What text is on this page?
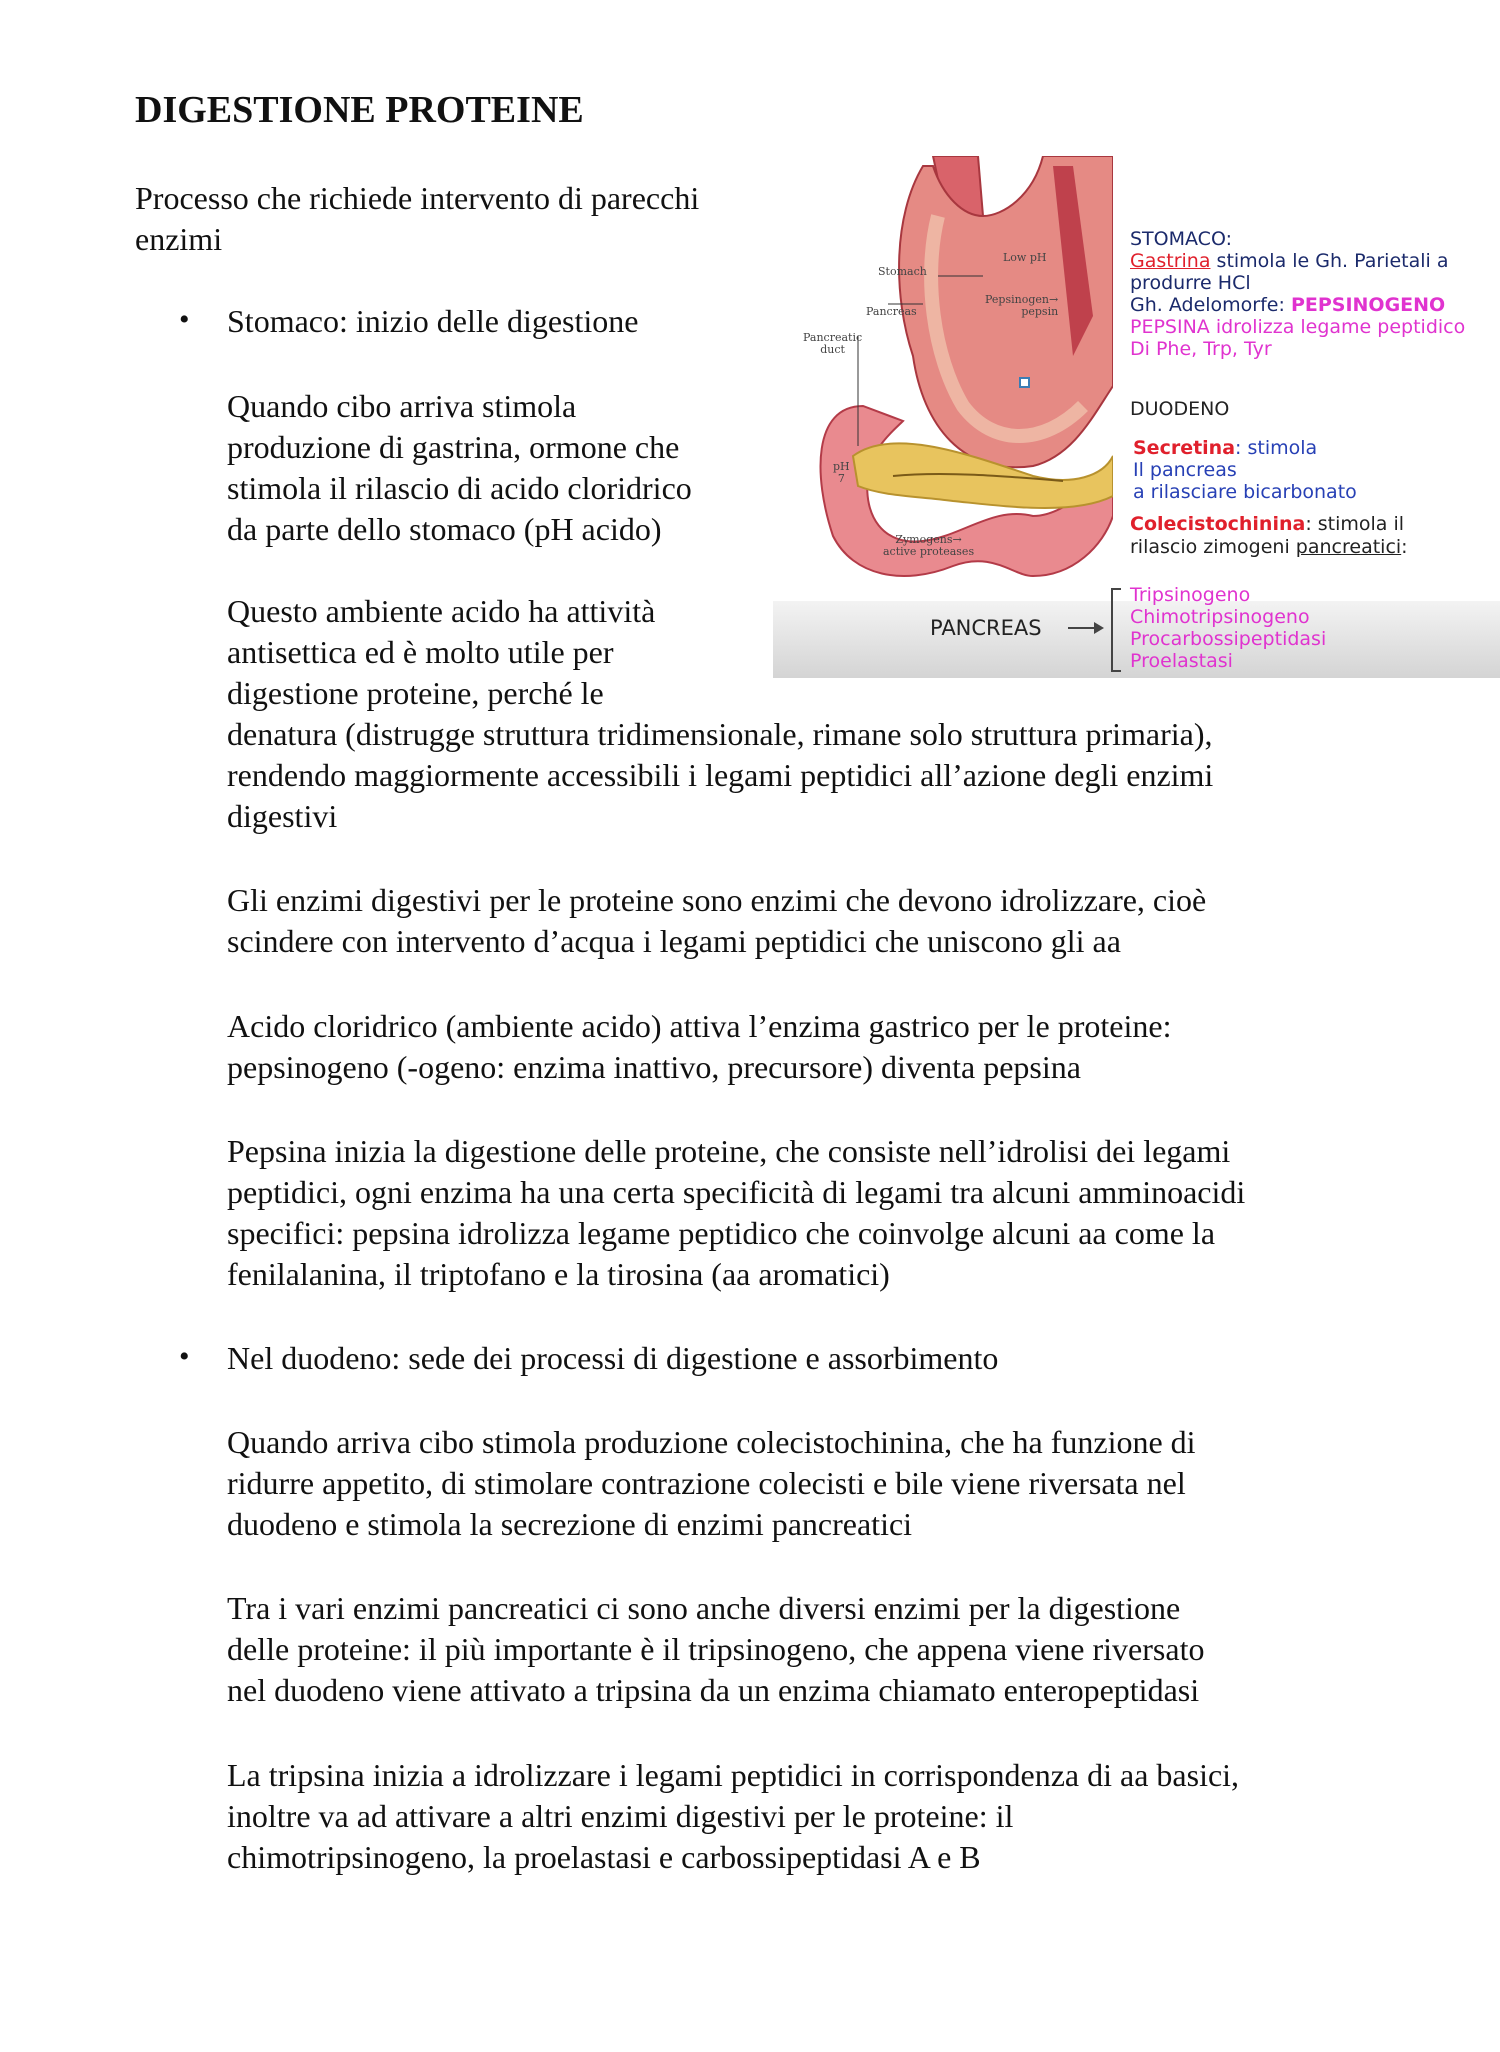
DIGESTIONE PROTEINE

Processo che richiede intervento di parecchi

enzimi

• Stomaco: inizio delle digestione

Quando cibo arriva stimola

produzione di gastrina, ormone che

stimola il rilascio di acido cloridrico

da parte dello stomaco (pH acido)

Questo ambiente acido ha attività

antisettica ed è molto utile per

digestione proteine, perché le

denatura (distrugge struttura tridimensionale, rimane solo struttura primaria),

rendendo maggiormente accessibili i legami peptidici all’azione degli enzimi

digestivi

Gli enzimi digestivi per le proteine sono enzimi che devono idrolizzare, cioè

scindere con intervento d’acqua i legami peptidici che uniscono gli aa

Acido cloridrico (ambiente acido) attiva l’enzima gastrico per le proteine:

pepsinogeno (-ogeno: enzima inattivo, precursore) diventa pepsina

Pepsina inizia la digestione delle proteine, che consiste nell’idrolisi dei legami

peptidici, ogni enzima ha una certa specificità di legami tra alcuni amminoacidi

specifici: pepsina idrolizza legame peptidico che coinvolge alcuni aa come la

fenilalanina, il triptofano e la tirosina (aa aromatici)

• Nel duodeno: sede dei processi di digestione e assorbimento

Quando arriva cibo stimola produzione colecistochinina, che ha funzione di

ridurre appetito, di stimolare contrazione colecisti e bile viene riversata nel

duodeno e stimola la secrezione di enzimi pancreatici

Tra i vari enzimi pancreatici ci sono anche diversi enzimi per la digestione

delle proteine: il più importante è il tripsinogeno, che appena viene riversato

nel duodeno viene attivato a tripsina da un enzima chiamato enteropeptidasi

La tripsina inizia a idrolizzare i legami peptidici in corrispondenza di aa basici,

inoltre va ad attivare a altri enzimi digestivi per le proteine: il

chimotripsinogeno, la proelastasi e carbossipeptidasi A e B

Stomach
Pancreas
Pancreatic
duct
Low pH
Pepsinogen→
pepsin
pH
7
Zymogens→
active proteases
STOMACO:
Gastrina stimola le Gh. Parietali a
produrre HCl
Gh. Adelomorfe: PEPSINOGENO
PEPSINA idrolizza legame peptidico
Di Phe, Trp, Tyr
DUODENO
Secretina: stimola
Il pancreas
a rilasciare bicarbonato
Colecistochinina: stimola il
rilascio zimogeni pancreatici:
PANCREAS
Tripsinogeno
Chimotripsinogeno
Procarbossipeptidasi
Proelastasi
